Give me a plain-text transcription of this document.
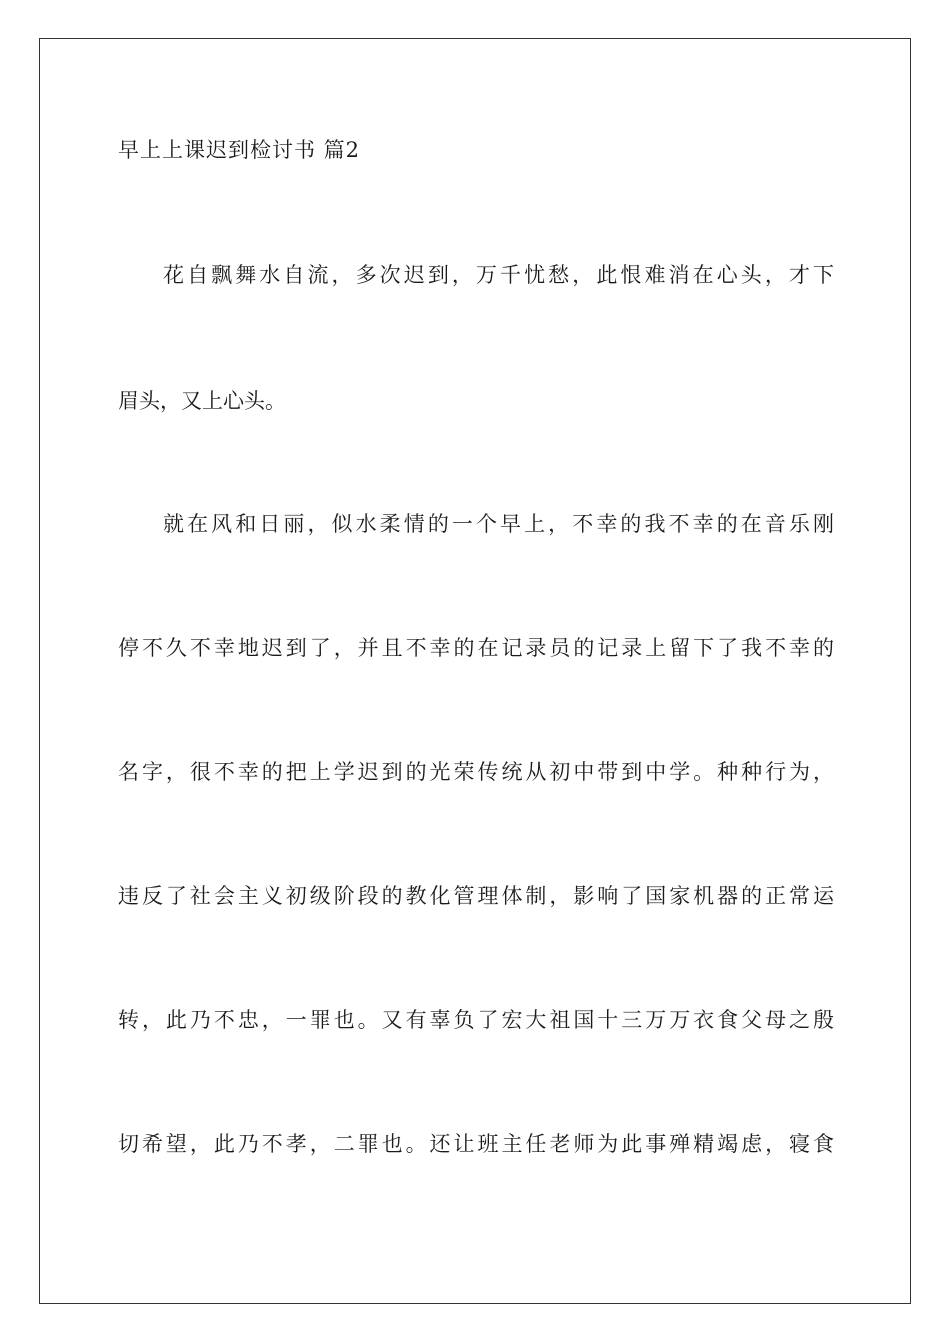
早上上课迟到检讨书 篇2
花自飘舞水自流，多次迟到，万千忧愁，此恨难消在心头，才下
眉头，又上心头。
就在风和日丽，似水柔情的一个早上，不幸的我不幸的在音乐刚
停不久不幸地迟到了，并且不幸的在记录员的记录上留下了我不幸的
名字，很不幸的把上学迟到的光荣传统从初中带到中学。种种行为，
违反了社会主义初级阶段的教化管理体制，影响了国家机器的正常运
转，此乃不忠，一罪也。又有辜负了宏大祖国十三万万衣食父母之殷
切希望，此乃不孝，二罪也。还让班主任老师为此事殚精竭虑，寝食
